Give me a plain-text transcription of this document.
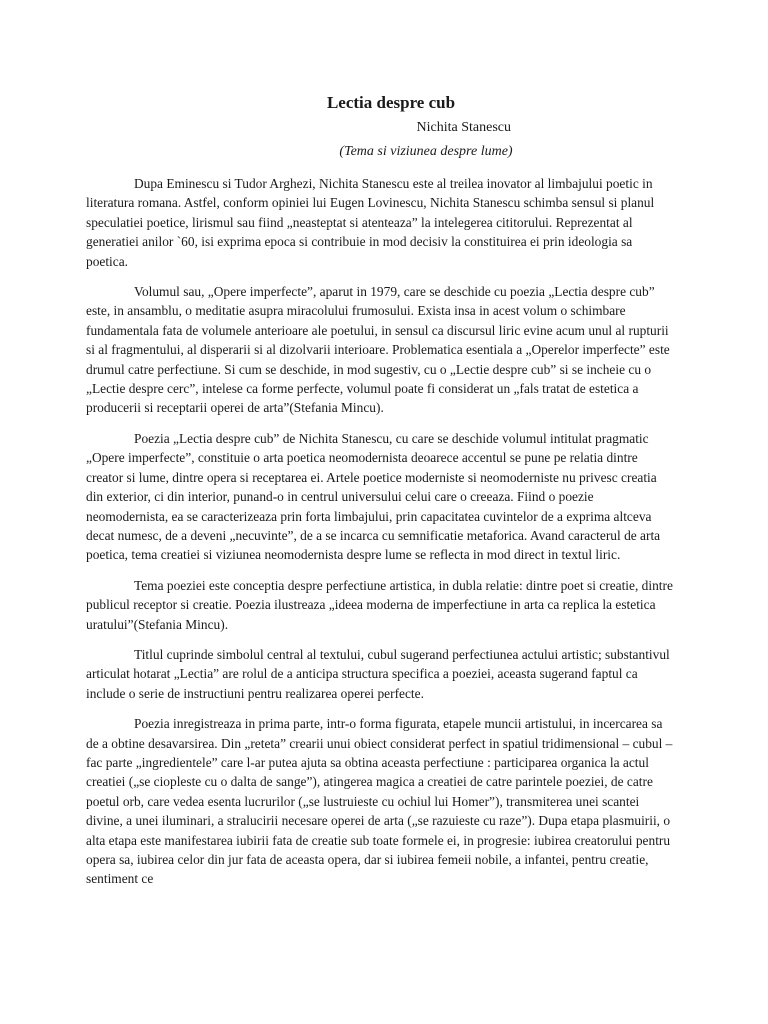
Lectia despre cub
Nichita Stanescu
(Tema si viziunea despre lume)

Dupa Eminescu si Tudor Arghezi, Nichita Stanescu este al treilea inovator al limbajului poetic in literatura romana. Astfel, conform opiniei lui Eugen Lovinescu, Nichita Stanescu schimba sensul si planul speculatiei poetice, lirismul sau fiind „neasteptat si atenteaza” la intelegerea cititorului. Reprezentat al generatiei anilor `60, isi exprima epoca si contribuie in mod decisiv la constituirea ei prin ideologia sa poetica.

Volumul sau, „Opere imperfecte”, aparut in 1979, care se deschide cu poezia „Lectia despre cub” este, in ansamblu, o meditatie asupra miracolului frumosului. Exista insa in acest volum o schimbare fundamentala fata de volumele anterioare ale poetului, in sensul ca discursul liric evine acum unul al rupturii si al fragmentului, al disperarii si al dizolvarii interioare. Problematica esentiala a „Operelor imperfecte” este drumul catre perfectiune. Si cum se deschide, in mod sugestiv, cu o „Lectie despre cub” si se incheie cu o „Lectie despre cerc”, intelese ca forme perfecte, volumul poate fi considerat un „fals tratat de estetica a producerii si receptarii operei de arta”(Stefania Mincu).

Poezia „Lectia despre cub” de Nichita Stanescu, cu care se deschide volumul intitulat pragmatic „Opere imperfecte”, constituie o arta poetica neomodernista deoarece accentul se pune pe relatia dintre creator si lume, dintre opera si receptarea ei. Artele poetice moderniste si neomoderniste nu privesc creatia din exterior, ci din interior, punand-o in centrul universului celui care o creeaza. Fiind o poezie neomodernista, ea se caracterizeaza prin forta limbajului, prin capacitatea cuvintelor de a exprima altceva decat numesc, de a deveni „necuvinte”, de a se incarca cu semnificatie metaforica. Avand caracterul de arta poetica, tema creatiei si viziunea neomodernista despre lume se reflecta in mod direct in textul liric.

Tema poeziei este conceptia despre perfectiune artistica, in dubla relatie: dintre poet si creatie, dintre publicul receptor si creatie. Poezia ilustreaza „ideea moderna de imperfectiune in arta ca replica la estetica uratului”(Stefania Mincu).

Titlul cuprinde simbolul central al textului, cubul sugerand perfectiunea actului artistic; substantivul articulat hotarat „Lectia” are rolul de a anticipa structura specifica a poeziei, aceasta sugerand faptul ca include o serie de instructiuni pentru realizarea operei perfecte.

Poezia inregistreaza in prima parte, intr-o forma figurata, etapele muncii artistului, in incercarea sa de a obtine desavarsirea. Din „reteta” crearii unui obiect considerat perfect in spatiul tridimensional – cubul – fac parte „ingredientele” care l-ar putea ajuta sa obtina aceasta perfectiune : participarea organica la actul creatiei („se ciopleste cu o dalta de sange”), atingerea magica a creatiei de catre parintele poeziei, de catre poetul orb, care vedea esenta lucrurilor („se lustruieste cu ochiul lui Homer”), transmiterea unei scantei divine, a unei iluminari, a stralucirii necesare operei de arta („se razuieste cu raze”). Dupa etapa plasmuirii, o alta etapa este manifestarea iubirii fata de creatie sub toate formele ei, in progresie: iubirea creatorului pentru opera sa, iubirea celor din jur fata de aceasta opera, dar si iubirea femeii nobile, a infantei, pentru creatie, sentiment ce
